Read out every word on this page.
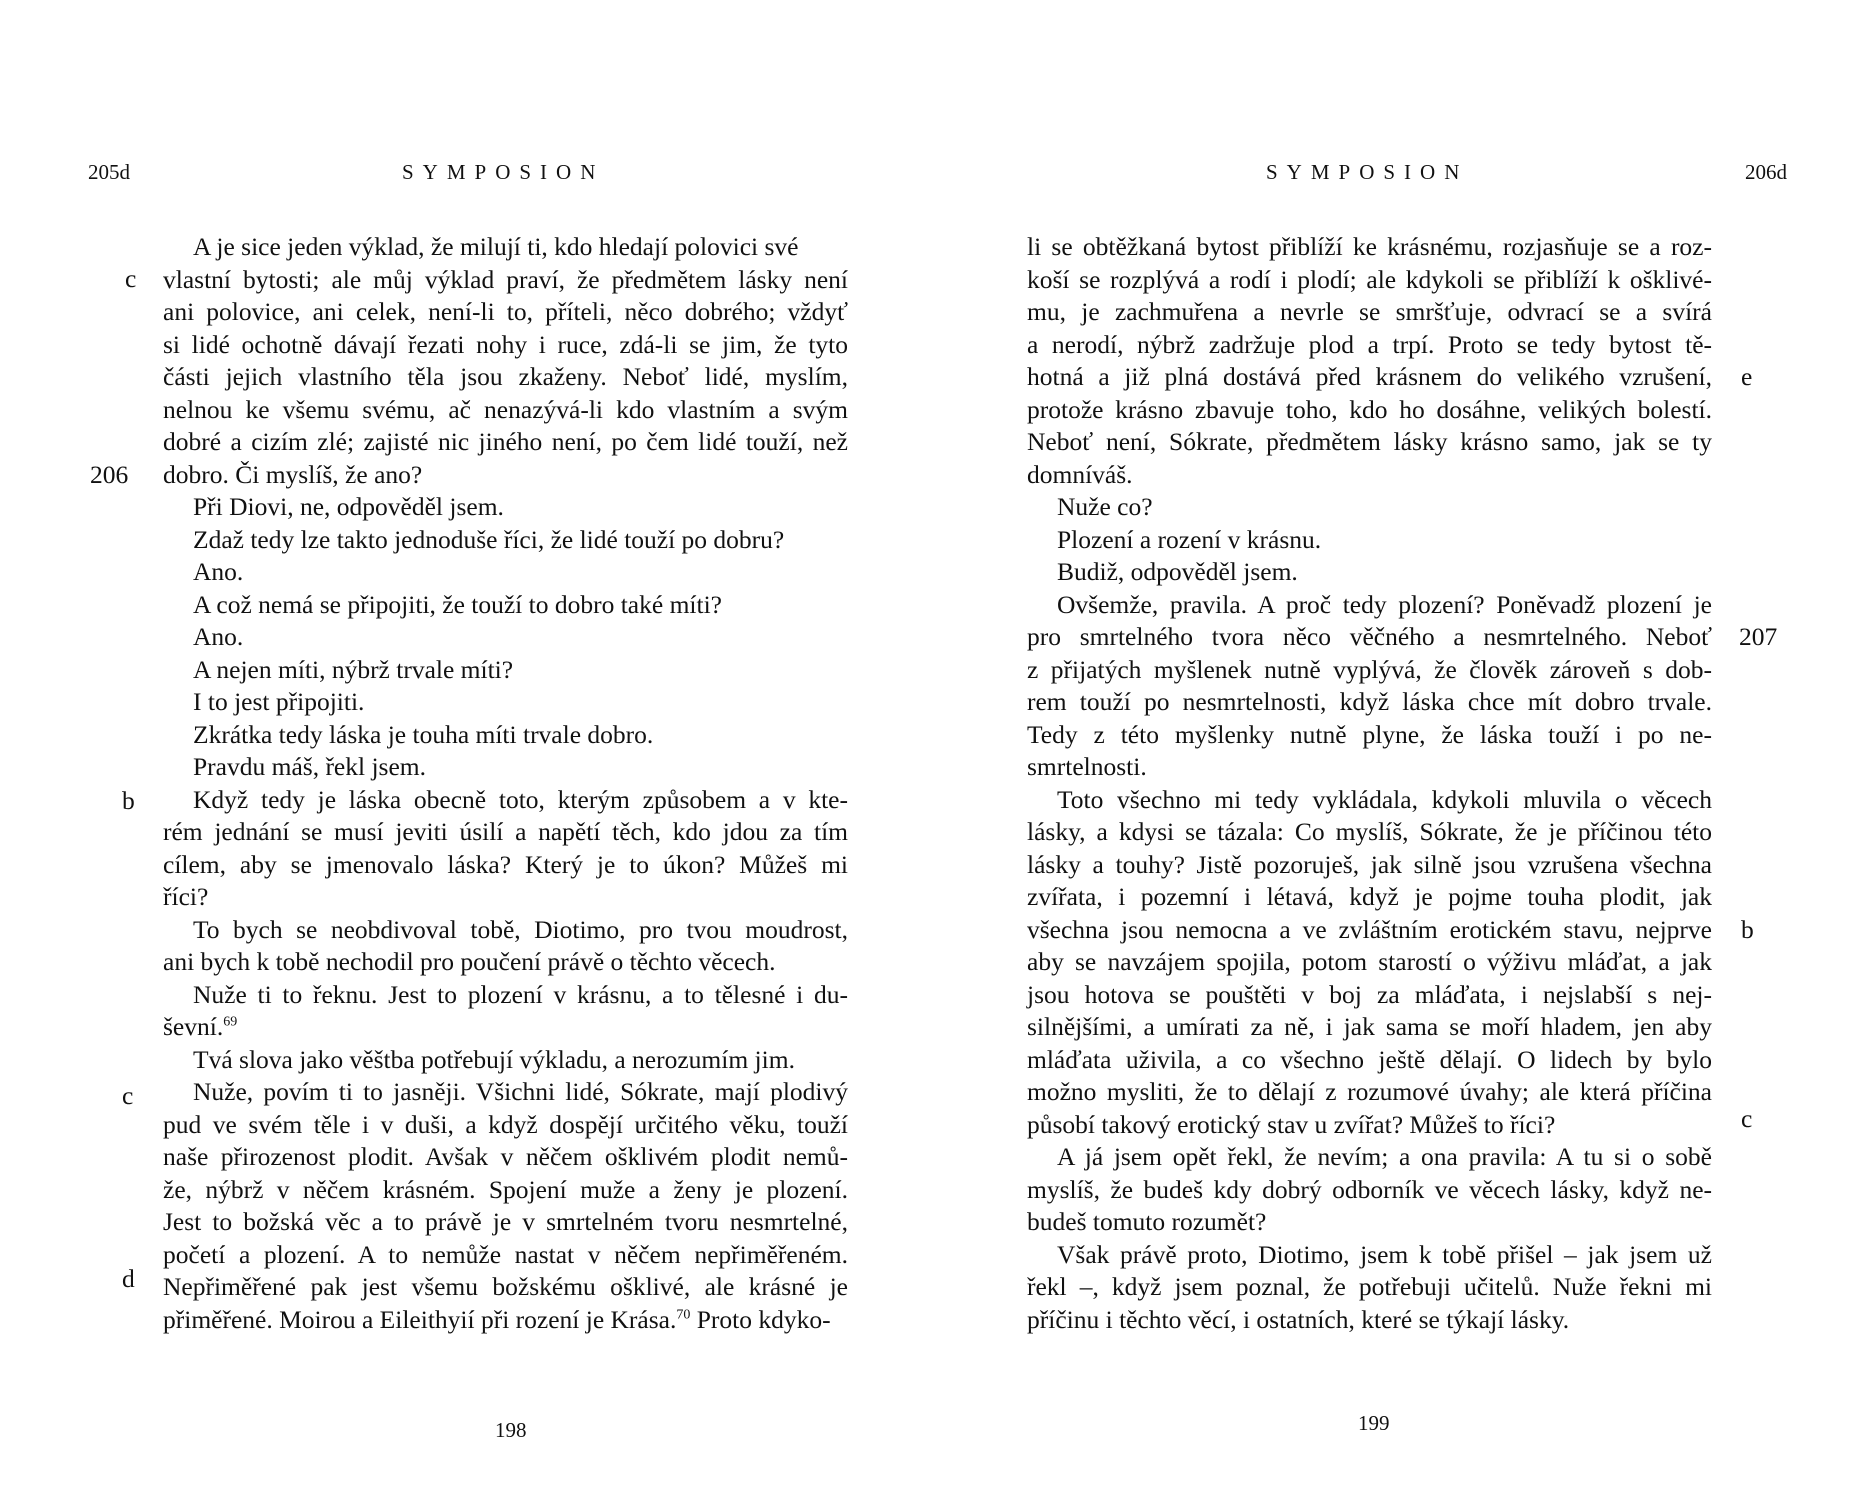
205d	SYMPOSION
c
206
b
c
d
A je sice jeden výklad, že milují ti, kdo hledají polovici své
vlastní bytosti; ale můj výklad praví, že předmětem lásky není
ani polovice, ani celek, není-li to, příteli, něco dobrého; vždyť
si lidé ochotně dávají řezati nohy i ruce, zdá-li se jim, že tyto
části jejich vlastního těla jsou zkaženy. Neboť lidé, myslím,
nelnou ke všemu svému, ač nenazývá-li kdo vlastním a svým
dobré a cizím zlé; zajisté nic jiného není, po čem lidé touží, než
dobro. Či myslíš, že ano?
Při Diovi, ne, odpověděl jsem.
Zdaž tedy lze takto jednoduše říci, že lidé touží po dobru?
Ano.
A což nemá se připojiti, že touží to dobro také míti?
Ano.
A nejen míti, nýbrž trvale míti?
I to jest připojiti.
Zkrátka tedy láska je touha míti trvale dobro.
Pravdu máš, řekl jsem.
Když tedy je láska obecně toto, kterým způsobem a v kte-
rém jednání se musí jeviti úsilí a napětí těch, kdo jdou za tím
cílem, aby se jmenovalo láska? Který je to úkon? Můžeš mi
říci?
To bych se neobdivoval tobě, Diotimo, pro tvou moudrost,
ani bych k tobě nechodil pro poučení právě o těchto věcech.
Nuže ti to řeknu. Jest to plození v krásnu, a to tělesné i du-
ševní.$^{69}$
Tvá slova jako věštba potřebují výkladu, a nerozumím jim.
Nuže, povím ti to jasněji. Všichni lidé, Sókrate, mají plodivý
pud ve svém těle i v duši, a když dospějí určitého věku, touží
naše přirozenost plodit. Avšak v něčem ošklivém plodit nemů-
že, nýbrž v něčem krásném. Spojení muže a ženy je plození.
Jest to božská věc a to právě je v smrtelném tvoru nesmrtelné,
početí a plození. A to nemůže nastat v něčem nepřiměřeném.
Nepřiměřené pak jest všemu božskému ošklivé, ale krásné je
přiměřené. Moirou a Eileithyií při rození je Krása.$^{70}$ Proto kdyko-
198
SYMPOSION	206d
e
207
b
c
li se obtěžkaná bytost přiblíží ke krásnému, rozjasňuje se a roz-
koší se rozplývá a rodí i plodí; ale kdykoli se přiblíží k ošklivé-
mu, je zachmuřena a nevrle se smršťuje, odvrací se a svírá
a nerodí, nýbrž zadržuje plod a trpí. Proto se tedy bytost tě-
hotná a již plná dostává před krásnem do velikého vzrušení,
protože krásno zbavuje toho, kdo ho dosáhne, velikých bolestí.
Neboť není, Sókrate, předmětem lásky krásno samo, jak se ty
domníváš.
Nuže co?
Plození a rození v krásnu.
Budiž, odpověděl jsem.
Ovšemže, pravila. A proč tedy plození? Poněvadž plození je
pro smrtelného tvora něco věčného a nesmrtelného. Neboť
z přijatých myšlenek nutně vyplývá, že člověk zároveň s dob-
rem touží po nesmrtelnosti, když láska chce mít dobro trvale.
Tedy z této myšlenky nutně plyne, že láska touží i po ne-
smrtelnosti.
Toto všechno mi tedy vykládala, kdykoli mluvila o věcech
lásky, a kdysi se tázala: Co myslíš, Sókrate, že je příčinou této
lásky a touhy? Jistě pozoruješ, jak silně jsou vzrušena všechna
zvířata, i pozemní i létavá, když je pojme touha plodit, jak
všechna jsou nemocna a ve zvláštním erotickém stavu, nejprve
aby se navzájem spojila, potom starostí o výživu mláďat, a jak
jsou hotova se pouštěti v boj za mláďata, i nejslabší s nej-
silnějšími, a umírati za ně, i jak sama se moří hladem, jen aby
mláďata uživila, a co všechno ještě dělají. O lidech by bylo
možno mysliti, že to dělají z rozumové úvahy; ale která příčina
působí takový erotický stav u zvířat? Můžeš to říci?
A já jsem opět řekl, že nevím; a ona pravila: A tu si o sobě
myslíš, že budeš kdy dobrý odborník ve věcech lásky, když ne-
budeš tomuto rozumět?
Však právě proto, Diotimo, jsem k tobě přišel – jak jsem už
řekl –, když jsem poznal, že potřebuji učitelů. Nuže řekni mi
příčinu i těchto věcí, i ostatních, které se týkají lásky.
199
